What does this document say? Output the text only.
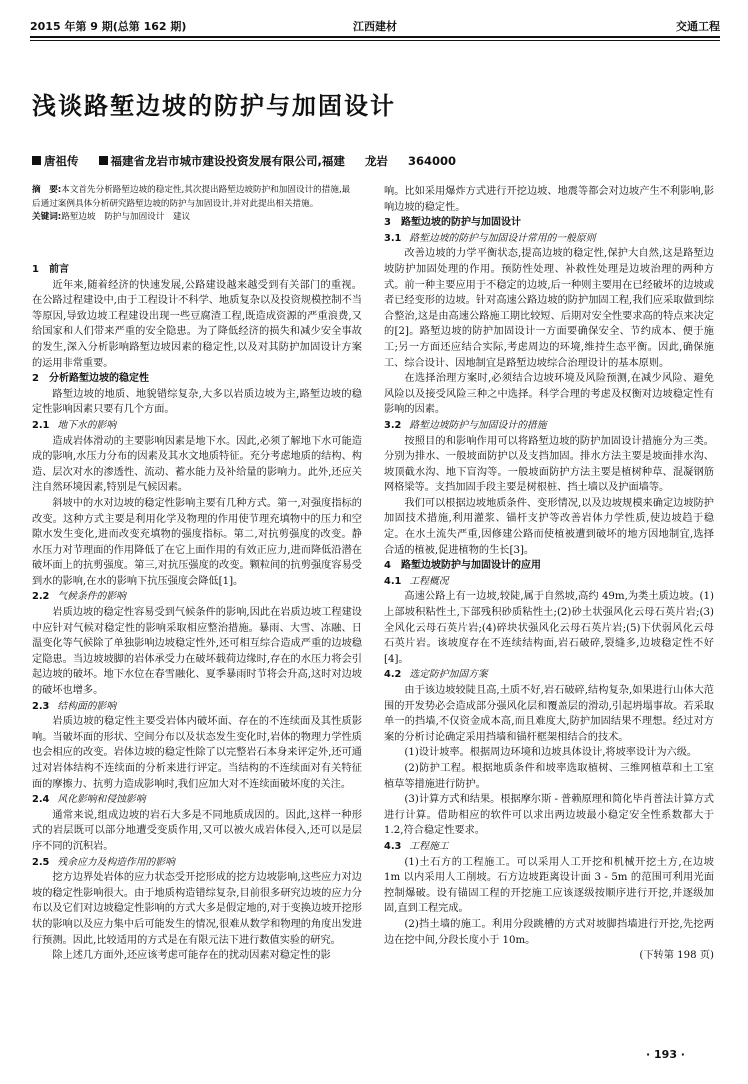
2015 年第 9 期(总第 162 期)	江西建材	交通工程
浅谈路堑边坡的防护与加固设计
唐祖传	福建省龙岩市城市建设投资发展有限公司,福建 龙岩 364000
摘　要:本文首先分析路堑边坡的稳定性,其次提出路堑边坡防护和加固设计的措施,最后通过案例具体分析研究路堑边坡的防护与加固设计,并对此提出相关措施。
关键词:路堑边坡　防护与加固设计　建议

1　前言

近年来,随着经济的快速发展,公路建设越来越受到有关部门的重视。在公路过程建设中,由于工程设计不科学、地质复杂以及投资规模控制不当等原因,导致边坡工程建设出现一些豆腐渣工程,既造成资源的严重浪费,又给国家和人们带来严重的安全隐患。为了降低经济的损失和减少安全事故的发生,深入分析影响路堑边坡因素的稳定性,以及对其防护加固设计方案的运用非常重要。

2　分析路堑边坡的稳定性

路堑边坡的地质、地貌错综复杂,大多以岩质边坡为主,路堑边坡的稳定性影响因素只要有几个方面。

2.1 地下水的影响

造成岩体滑动的主要影响因素是地下水。因此,必须了解地下水可能造成的影响,水压力分布的因素及其水文地质特征。充分考虑地质的结构、构造、层次对水的渗透性、流动、蓄水能力及补给量的影响力。此外,还应关注自然环境因素,特别是气候因素。

斜坡中的水对边坡的稳定性影响主要有几种方式。第一,对强度指标的改变。这种方式主要是利用化学及物理的作用使节理充填物中的压力和空隙水发生变化,进而改变充填物的强度指标。第二,对抗剪强度的改变。静水压力对节理面的作用降低了在它上面作用的有效正应力,进而降低沿潜在破坏面上的抗剪强度。第三,对抗压强度的改变。颗粒间的抗剪强度容易受到水的影响,在水的影响下抗压强度会降低[1]。

2.2 气候条件的影响

岩质边坡的稳定性容易受到气候条件的影响,因此在岩质边坡工程建设中应针对气候对稳定性的影响采取相应整治措施。暴雨、大雪、冻融、日温变化等气候除了单独影响边坡稳定性外,还可相互综合造成严重的边坡稳定隐患。当边坡坡脚的岩体承受力在破坏载荷边缘时,存在的水压力将会引起边坡的破坏。地下水位在春雪融化、夏季暴雨时节将会升高,这时对边坡的破坏也增多。

2.3 结构面的影响

岩质边坡的稳定性主要受岩体内破坏面、存在的不连续面及其性质影响。当破坏面的形状、空间分布以及状态发生变化时,岩体的物理力学性质也会相应的改变。岩体边坡的稳定性除了以完整岩石本身来评定外,还可通过对岩体结构不连续面的分析来进行评定。当结构的不连续面对有关特征面的摩擦力、抗剪力造成影响时,我们应加大对不连续面破坏度的关注。

2.4 风化影响和侵蚀影响

通常来说,组成边坡的岩石大多是不同地质成因的。因此,这样一种形式的岩层既可以部分地遭受变质作用,又可以被火成岩体侵入,还可以是层序不同的沉积岩。

2.5 残余应力及构造作用的影响

挖方边界处岩体的应力状态受开挖形成的挖方边坡影响,这些应力对边坡的稳定性影响很大。由于地质构造错综复杂,目前很多研究边坡的应力分布以及它们对边坡稳定性影响的方式大多是假定地的,对于变换边坡开挖形状的影响以及应力集中后可能发生的情况,很难从数学和物理的角度出发进行预测。因此,比较适用的方式是在有限元法下进行数值实验的研究。

除上述几方面外,还应该考虑可能存在的扰动因素对稳定性的影

响。比如采用爆炸方式进行开挖边坡、地震等都会对边坡产生不利影响,影响边坡的稳定性。

3　路堑边坡的防护与加固设计

3.1 路堑边坡的防护与加固设计常用的一般原则

改善边坡的力学平衡状态,提高边坡的稳定性,保护大自然,这是路堑边坡防护加固处理的作用。预防性处理、补救性处理是边坡治理的两种方式。前一种主要应用于不稳定的边坡,后一种则主要用在已经破坏的边坡或者已经变形的边坡。针对高速公路边坡的防护加固工程,我们应采取做到综合整治,这是由高速公路施工期比较短、后期对安全性要求高的特点来决定的[2]。路堑边坡的防护加固设计一方面要确保安全、节约成本、便于施工;另一方面还应结合实际,考虑周边的环境,维持生态平衡。因此,确保施工、综合设计、因地制宜是路堑边坡综合治理设计的基本原则。

在选择治理方案时,必须结合边坡环境及风险预测,在减少风险、避免风险以及接受风险三种之中选择。科学合理的考虑及权衡对边坡稳定性有影响的因素。

3.2 路堑边坡防护与加固设计的措施

按照目的和影响作用可以将路堑边坡的防护加固设计措施分为三类。分别为排水、一般坡面防护以及支挡加固。排水方法主要是坡面排水沟、坡顶截水沟、地下盲沟等。一般坡面防护方法主要是植树种草、混凝钢筋网格梁等。支挡加固手段主要是树根桩、挡土墙以及护面墙等。

我们可以根据边坡地质条件、变形情况,以及边坡规模来确定边坡防护加固技术措施,利用灌浆、锚杆支护等改善岩体力学性质,使边坡趋于稳定。在水土流失严重,因修建公路而使植被遭到破坏的地方因地制宜,选择合适的植被,促进植物的生长[3]。

4　路堑边坡防护与加固设计的应用

4.1 工程概况

高速公路上有一边坡,较陡,属于自然坡,高约 49m,为类土质边坡。(1)上部坡积粘性土,下部残积砂质粘性土;(2)砂土状强风化云母石英片岩;(3)全风化云母石英片岩;(4)碎块状强风化云母石英片岩;(5)下伏弱风化云母石英片岩。该坡度存在不连续结构面,岩石破碎,裂缝多,边坡稳定性不好[4]。

4.2 选定防护加固方案

由于该边坡较陡且高,土质不好,岩石破碎,结构复杂,如果进行山体大范围的开发势必会造成部分强风化层和覆盖层的滑动,引起坍塌事故。若采取单一的挡墙,不仅资金成本高,而且难度大,防护加固结果不理想。经过对方案的分析讨论确定采用挡墙和锚杆框架相结合的技术。

(1)设计坡率。根据周边环境和边坡具体设计,将坡率设计为六级。

(2)防护工程。根据地质条件和坡率选取植树、三维网植草和土工室植草等措施进行防护。

(3)计算方式和结果。根据摩尔斯 - 普赖原理和简化毕肖普法计算方式进行计算。借助相应的软件可以求出两边坡最小稳定安全性系数都大于 1.2,符合稳定性要求。

4.3 工程施工

(1)土石方的工程施工。可以采用人工开挖和机械开挖土方,在边坡 1m 以内采用人工削坡。石方边坡距离设计面 3 - 5m 的范围可利用光面控制爆破。设有锚固工程的开挖施工应该逐级按顺序进行开挖,并逐级加固,直到工程完成。

(2)挡土墙的施工。利用分段跳槽的方式对坡脚挡墙进行开挖,先挖两边在挖中间,分段长度小于 10m。

(下转第 198 页)

· 193 ·
